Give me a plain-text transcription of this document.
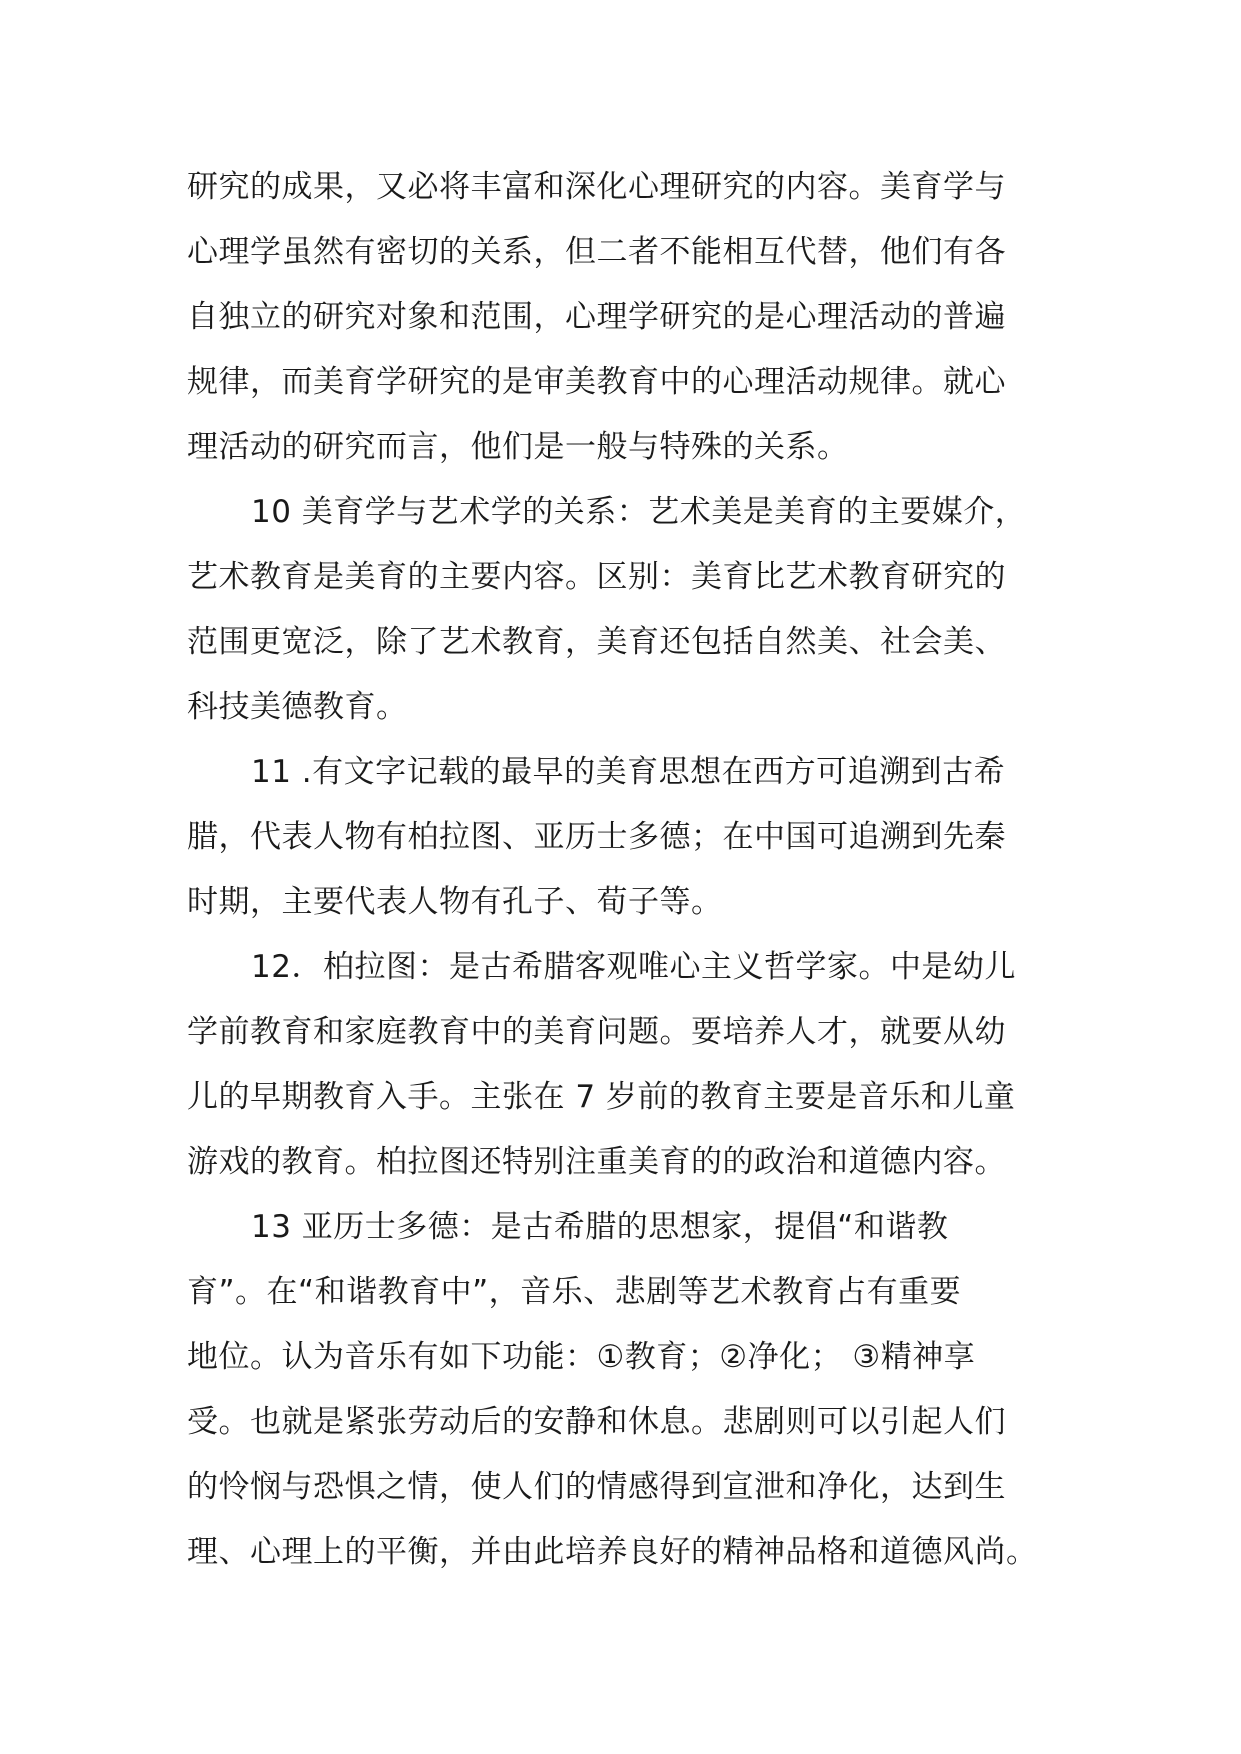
研究的成果，又必将丰富和深化心理研究的内容。美育学与
心理学虽然有密切的关系，但二者不能相互代替，他们有各
自独立的研究对象和范围，心理学研究的是心理活动的普遍
规律，而美育学研究的是审美教育中的心理活动规律。就心
理活动的研究而言，他们是一般与特殊的关系。
10 美育学与艺术学的关系：艺术美是美育的主要媒介，
艺术教育是美育的主要内容。区别：美育比艺术教育研究的
范围更宽泛，除了艺术教育，美育还包括自然美、社会美、
科技美德教育。
11 .有文字记载的最早的美育思想在西方可追溯到古希
腊，代表人物有柏拉图、亚历士多德；在中国可追溯到先秦
时期，主要代表人物有孔子、荀子等。
12．柏拉图：是古希腊客观唯心主义哲学家。中是幼儿
学前教育和家庭教育中的美育问题。要培养人才，就要从幼
儿的早期教育入手。主张在 7 岁前的教育主要是音乐和儿童
游戏的教育。柏拉图还特别注重美育的的政治和道德内容。
13 亚历士多德：是古希腊的思想家，提倡“和谐教
育”。在“和谐教育中”，音乐、悲剧等艺术教育占有重要
地位。认为音乐有如下功能：①教育；②净化； ③精神享
受。也就是紧张劳动后的安静和休息。悲剧则可以引起人们
的怜悯与恐惧之情，使人们的情感得到宣泄和净化，达到生
理、心理上的平衡，并由此培养良好的精神品格和道德风尚。
